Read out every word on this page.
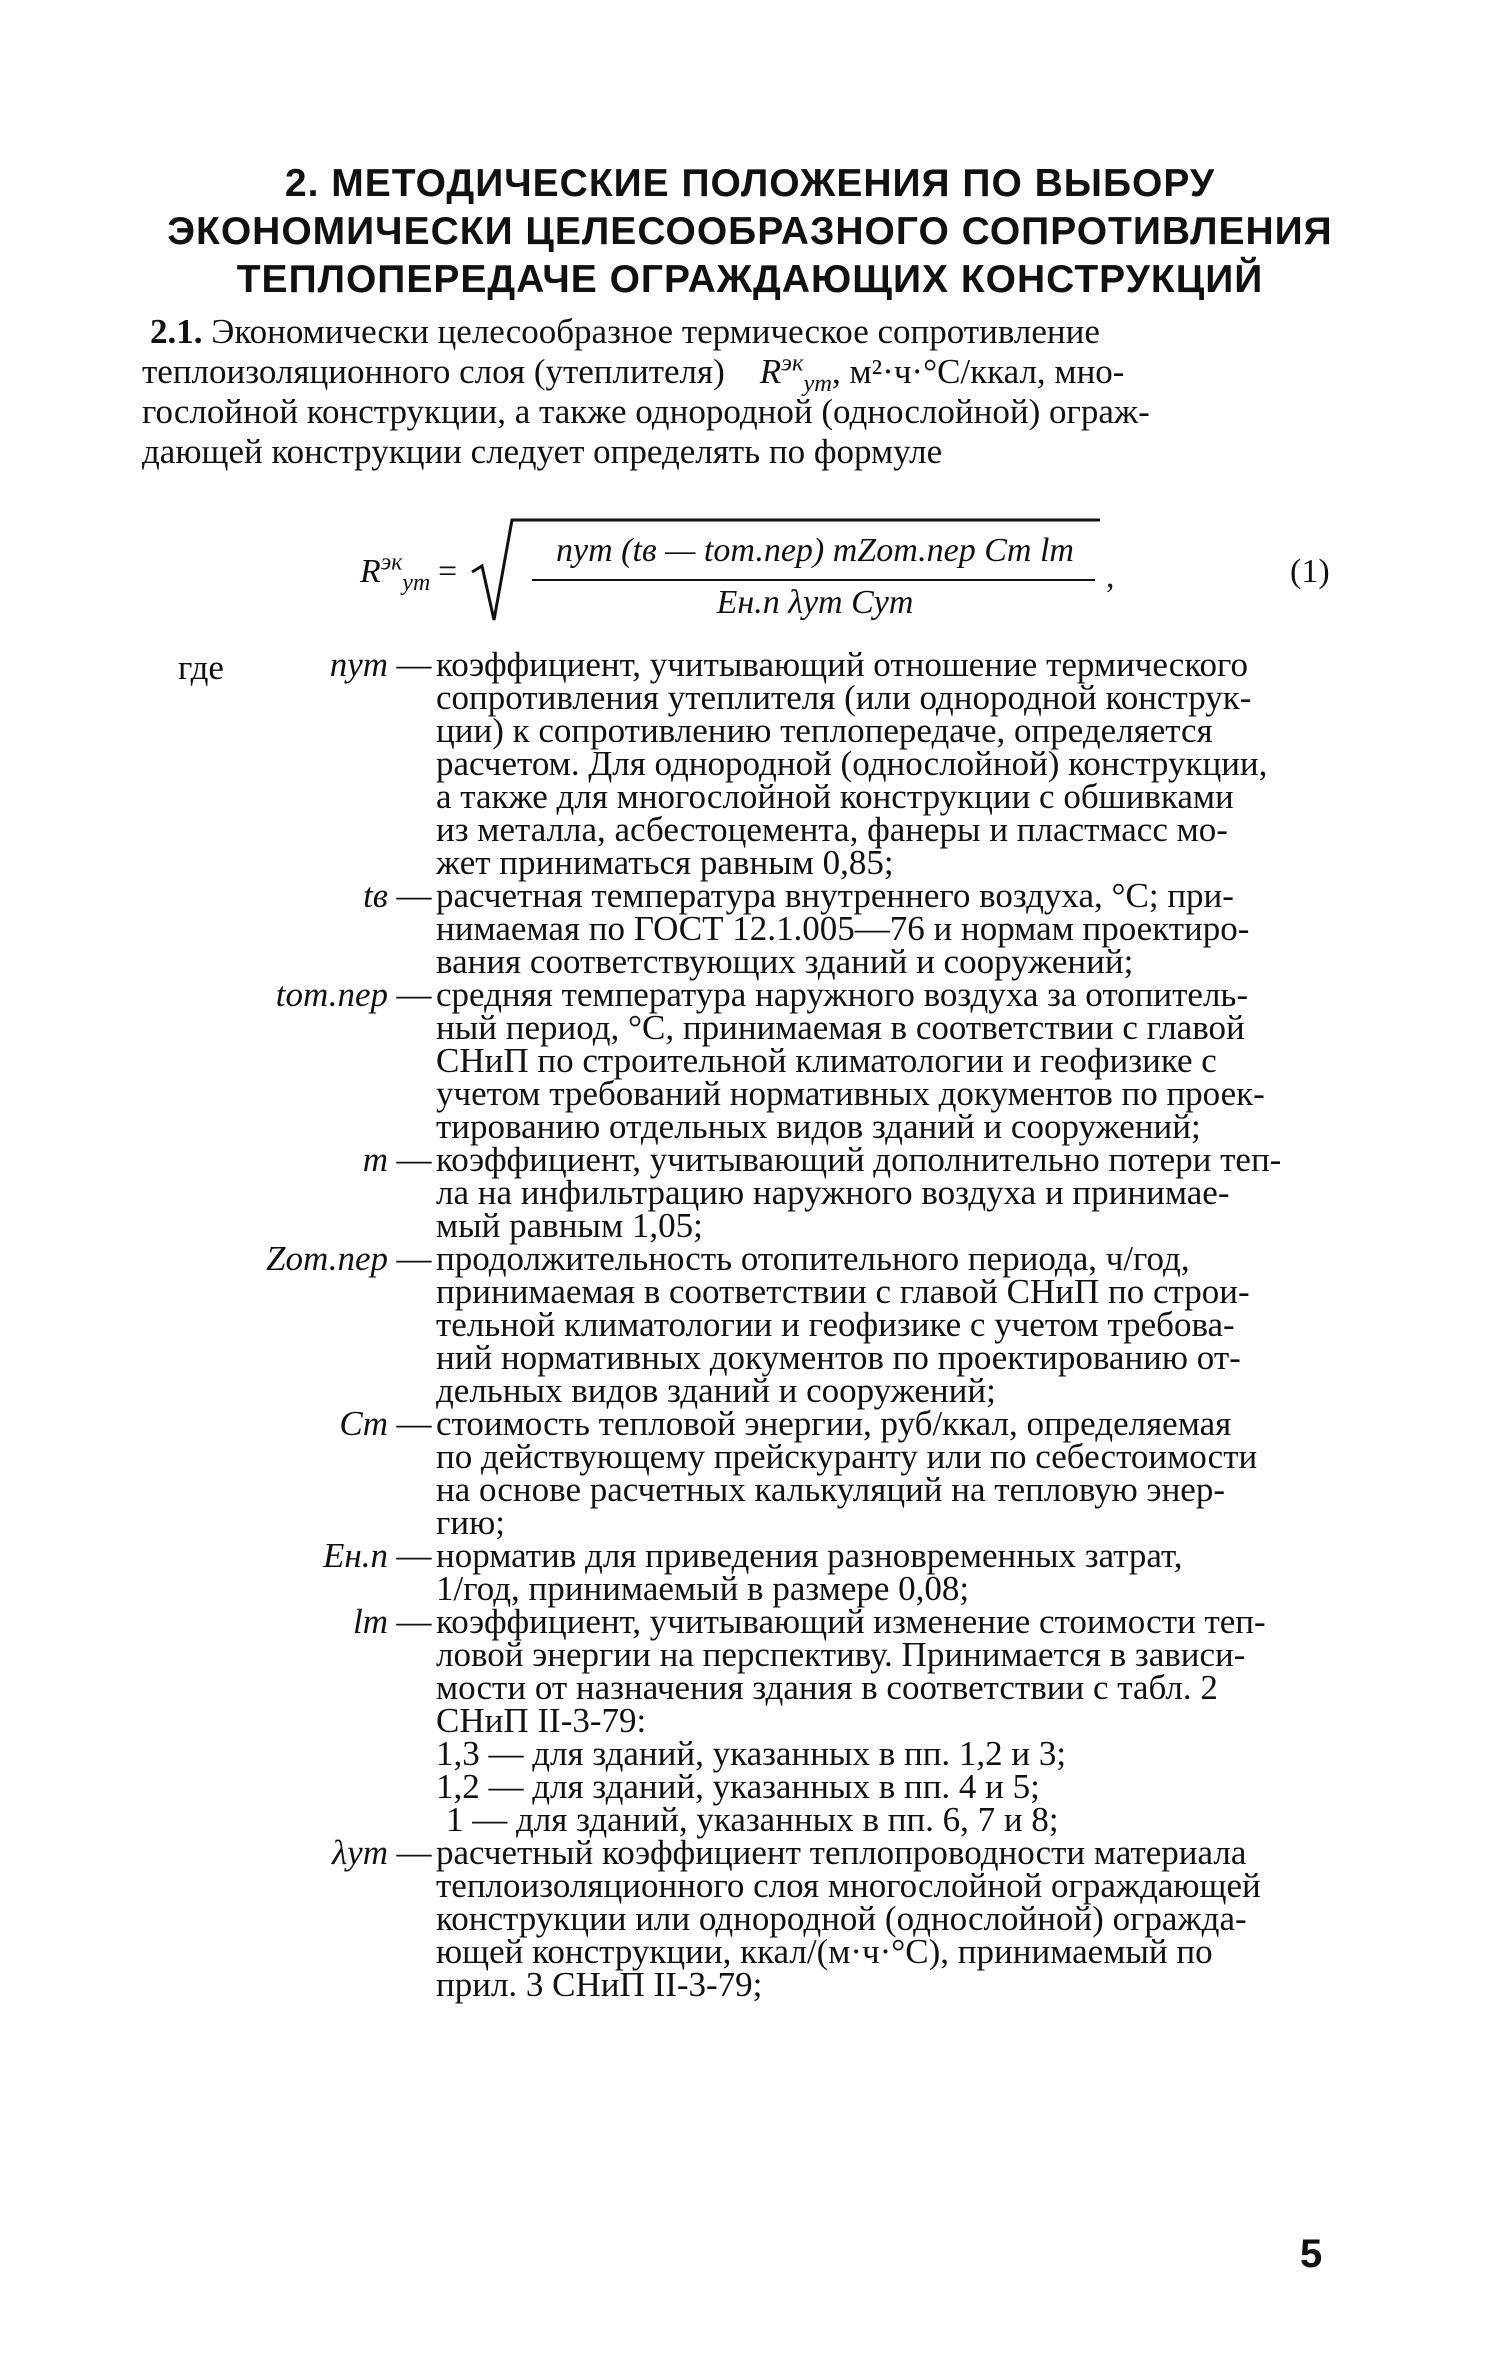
2. МЕТОДИЧЕСКИЕ ПОЛОЖЕНИЯ ПО ВЫБОРУ
ЭКОНОМИЧЕСКИ ЦЕЛЕСООБРАЗНОГО СОПРОТИВЛЕНИЯ
ТЕПЛОПЕРЕДАЧЕ ОГРАЖДАЮЩИХ КОНСТРУКЦИЙ
2.1. Экономически целесообразное термическое сопротивление
теплоизоляционного слоя (утеплителя) $R^{эк}_{ут}$, м²·ч·°С/ккал, мно-
гослойной конструкции, а также однородной (однослойной) ограж-
дающей конструкции следует определять по формуле
$R^{эк}_{ут}$ =
nут (tв — tот.пер) mZот.пер Cт lт
Eн.п λут Cут
,	(1)
где	nут — коэффициент, учитывающий отношение термического
сопротивления утеплителя (или однородной конструк-
ции) к сопротивлению теплопередаче, определяется
расчетом. Для однородной (однослойной) конструкции,
а также для многослойной конструкции с обшивками
из металла, асбестоцемента, фанеры и пластмасс мо-
жет приниматься равным 0,85;
tв — расчетная температура внутреннего воздуха, °С; при-
нимаемая по ГОСТ 12.1.005—76 и нормам проектиро-
вания соответствующих зданий и сооружений;
tот.пер — средняя температура наружного воздуха за отопитель-
ный период, °С, принимаемая в соответствии с главой
СНиП по строительной климатологии и геофизике с
учетом требований нормативных документов по проек-
тированию отдельных видов зданий и сооружений;
m — коэффициент, учитывающий дополнительно потери теп-
ла на инфильтрацию наружного воздуха и принимае-
мый равным 1,05;
Zот.пер — продолжительность отопительного периода, ч/год,
принимаемая в соответствии с главой СНиП по строи-
тельной климатологии и геофизике с учетом требова-
ний нормативных документов по проектированию от-
дельных видов зданий и сооружений;
Cт — стоимость тепловой энергии, руб/ккал, определяемая
по действующему прейскуранту или по себестоимости
на основе расчетных калькуляций на тепловую энер-
гию;
Eн.п — норматив для приведения разновременных затрат,
1/год, принимаемый в размере 0,08;
lт — коэффициент, учитывающий изменение стоимости теп-
ловой энергии на перспективу. Принимается в зависи-
мости от назначения здания в соответствии с табл. 2
СНиП II-3-79:
1,3 — для зданий, указанных в пп. 1,2 и 3;
1,2 — для зданий, указанных в пп. 4 и 5;
1 — для зданий, указанных в пп. 6, 7 и 8;
λут — расчетный коэффициент теплопроводности материала
теплоизоляционного слоя многослойной ограждающей
конструкции или однородной (однослойной) огражда-
ющей конструкции, ккал/(м·ч·°С), принимаемый по
прил. 3 СНиП II-3-79;
5
